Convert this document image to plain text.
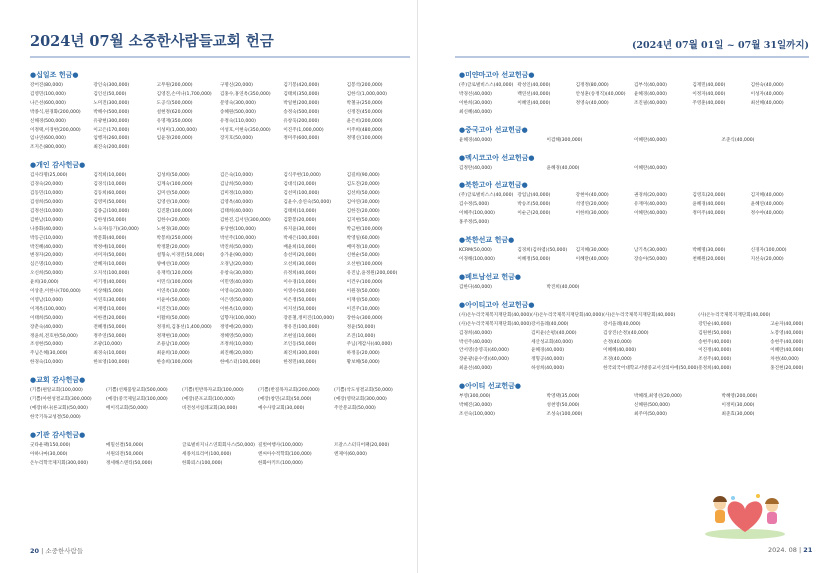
2024년 07월 소중한사람들교회 헌금	(2024년 07월 01일 ~ 07월 31일까지)
●십일조 헌금●
강어진(80,000)	강인숙(300,000)	고무원(200,000)	구명신(20,000)	김기봉(420,000)	김봉석(200,000)
김영민(100,000)	김인신(50,000)	김영진,손미나(1,700,000)	김홍수,홍연옥(350,000)	김태희(350,000)	김한식(1,000,000)
나은선(600,000)	노미진(300,000)	도공식(500,000)	문영숙(300,000)	박일현(200,000)	박철규(250,000)
박종식,원경화(200,000)	박해수(500,000)	설현정(620,000)	송혜원(500,000)	송정숙(500,000)	신정진(450,000)
신해경(500,000)	유광현(300,000)	유명재(350,000)	유정숙(110,000)	유창욱(200,000)	윤은비(200,000)
이정택,이경현(200,000)	이고은(170,000)	이성미(1,000,000)	이성호,이현숙(350,000)	이진주(1,000,000)	이주희(480,000)
임나연(600,000)	임행자(260,000)	임윤경(200,000)	장지호(50,000)	정미주(600,000)	정명신(100,000)
조지은(800,000)	최진숙(200,000)
●개인 감사헌금●
김사라명(25,000)	김적희(10,000)	김성희(50,000)	김은숙(10,000)	김식주현(10,000)	김길희(90,000)
김경숙(20,000)	김경식(10,000)	김계숙(100,000)	김남희(50,000)	김대식(20,000)	김도진(20,000)
김동민(10,000)	김동희(60,000)	김미선(50,000)	김미정(10,000)	김선미(100,000)	김선희(50,000)
김성희(50,000)	김영미(50,000)	김영선(10,000)	김영옥(40,000)	김윤수,송연숙(50,000)	김아연(30,000)
김정선(10,000)	김종금(100,000)	김진환(100,000)	김태희(40,000)	김태희(10,000)	김한진(20,000)
김한남(10,000)	김한성(50,000)	김한수(20,000)	김한진,김서연(300,000)	김환봉(20,000)	김지현(50,000)
나종화(40,000)	노숙자(등가)(30,000)	노현경(30,000)	류상현(100,000)	류지윤(30,000)	박금현(100,000)
박동근(10,000)	박문화(40,000)	박봉희(250,000)	박선주(100,000)	박새은(100,000)	박영일(60,000)
박진혜(40,000)	박정애(10,000)	박정환(20,000)	박진희(50,000)	배윤희(10,000)	배미정(10,000)
변경자(20,000)	서미자(50,000)	설형숙,이경민(50,000)	송가윤(90,000)	송선미(20,000)	신현순(50,000)
심은명(10,000)	안혜자(10,000)	양예선(10,000)	오경남(20,000)	오선희(30,000)	오선현(100,000)
오신희(50,000)	오지석(100,000)	유재역(120,000)	유창숙(30,000)	유정희(40,000)	유진남,윤정원(200,000)
윤희(30,000)	이기정(40,000)	이민식(100,000)	이민영(40,000)	이수경(10,000)	이건우(100,000)
이상준,이한나(700,000)	이상해(5,000)	이연옥(10,000)	이영숙(20,000)	이영수(50,000)	이원경(50,000)
이영남(10,000)	이연호(30,000)	이윤아(50,000)	이은영(50,000)	이은정(50,000)	이재성(50,000)
이재옥(100,000)	이재령(10,000)	이진건(10,000)	이한옥(10,000)	이지선(50,000)	이진주(10,000)
이태희(50,000)	이한결(20,000)	이활희(50,000)	임향자(100,000)	장문철,정미진(100,000)	장한숙(300,000)
장춘숙(40,000)	전혜정(50,000)	정경희,김홍선(1,400,000)	정영애(20,000)	정유진(100,000)	정윤(50,000)
정윤희,전호현(50,000)	정주연(50,000)	정재현(10,000)	정혜영(50,000)	조현일(10,000)	조진(10,000)
조성현(50,000)	조광(10,000)	조용남(10,000)	조정희(10,000)	조인동(50,000)	주님(계감사)(40,000)
주님은혜(30,000)	최경숙(10,000)	최윤희(10,000)	최진혜(20,000)	최진희(300,000)	하정웅(20,000)
한경숙(10,000)	한보영(100,000)	한송희(100,000)	한예스터(100,000)	한정민(40,000)	황보혜(50,000)
●교회 감사헌금●
(기쁨)편알교회(100,000)	(기쁨)선채품알교회(500,000)	(기쁨)빈반목자교회(100,000)	(기쁨)반질목자교회(200,000)	(기쁨)삭도성결교회(50,000)
(기쁨)아현성결교회(300,000)	(예장)중국제일교회(100,000)	(예장)분포교회(100,000)	(예장)창민(교회)(50,000)	(예장)영락교회(300,000)
(예장)하나(른교회)(50,000)	베이직교회(50,000)	비전성서침례교회(30,000)	예수사랑교회(30,000)	주안분교회(50,000)
한국기독교성결(50,000)
●기관 감사헌금●
굿타운팩(150,000)	메밀선결(50,000)	글로벌비지니스연회회사스(50,000) 길벗여행사(100,000)	르갈스스터디어패(20,000)
아하나마(30,000)	서원의전(50,000)	세종치료리어(100,000)	엔씨아수적학회(100,000)	엔제이(60,000)
온누리학국제지회(300,000)	정세해스덴티(50,000)	한화뢰스(100,000)	한화아키트(100,000)
●미얀마고아 선교헌금●
(주)글로벌비스스(40,000) 곽성인(40,000)	김정정(80,000)	김부석(40,000)	김재민(40,000)	김한숙(40,000)
박경선(40,000)	백연선(40,000)	안성훈(송정직)(40,000)	윤혜경(40,000)	이정자(40,000)	이성자(40,000)
이한희(30,000)	이혜연(40,000)	정영숙(40,000)	조진필(40,000)	주영훈(40,000)	최선혜(40,000)
최신혜(40,000)
●중국고아 선교헌금●
윤혜경(40,000)	이검해(300,000)	이혜란(40,000)	조준식(40,000)
●멕시코고아 선교헌금●
김정란(40,000)	윤혜경(40,000)	이혜란(40,000)
●북한고아 선교헌금●
(주)글로벌비스스(40,000) 강업남(40,000)	강현아(40,000)	권경희(20,000)	김영호(20,000)	김지혜(40,000)
김수정(5,000)	박승조(50,000)	석영연(20,000)	유재미(40,000)	윤혜경(40,000)	윤혜연(40,000)
이혜주(100,000)	이순근(20,000)	이한희(30,000)	이혜란(40,000)	정미주(40,000)	정수야(40,000)
홍주정(5,000)
●북한선교 헌금●
KCRM(50,000)	김경희(김하엽)(50,000)	김지혜(30,000)	남기옥(30,000)	박혜명(30,000)	신경자(100,000)
이경해(100,000)	이혜정(50,000)	이혜란(40,000)	장승아(50,000)	천혜원(20,000)	지선숙(20,000)
●베트남선교 헌금●
김한다(40,000)	박진희(40,000)
●아이티고아 선교헌금●
(사)온누리국제복지재단회(40,000) (사)온누리국제복지재단회(40,000) (사)온누리국제복지재단회(40,000)	(사)온누리국제복지재단회(40,000)
(사)온누리국제복지재단회(40,000) 강서을례(40,000)	강서을례(40,000)	강민순(40,000)	고순자(40,000)
김경희(40,000)	김미윤(손평)(40,000)	김상진(손정)(40,000)	김원현(50,000)	노봉영(40,000)
박선주(40,000)	세산성교회(40,000)	손정(40,000)	송현주(40,000)	송현주(40,000)
안서영(송영곡)(40,000)	윤혜경(40,000)	이혜혜(40,000)	이진정(40,000)	이혜란(40,000)
장운광(윤수영)(40,000)	정형공(40,000)	조경(40,000)	조성주(40,000)	차천(40,000)
최윤선(40,000)	하성희(40,000)	한국외국어대학교서방중교서상의아에(50,000) 흥정희(40,000)	홍진현(20,000)
●아이티 선교헌금●
부영(300,000)	박영택(35,000)	박혜래,최영선(20,000)	박혜영(200,000)
박혜진(30,000)	성천영(50,000)	신혜원(500,000)	이정미(30,000)
조선숙(100,000)	조성숙(100,000)	최주미(50,000)	최준효(30,000)
20 | 소중한사람들	2024. 08 | 21
